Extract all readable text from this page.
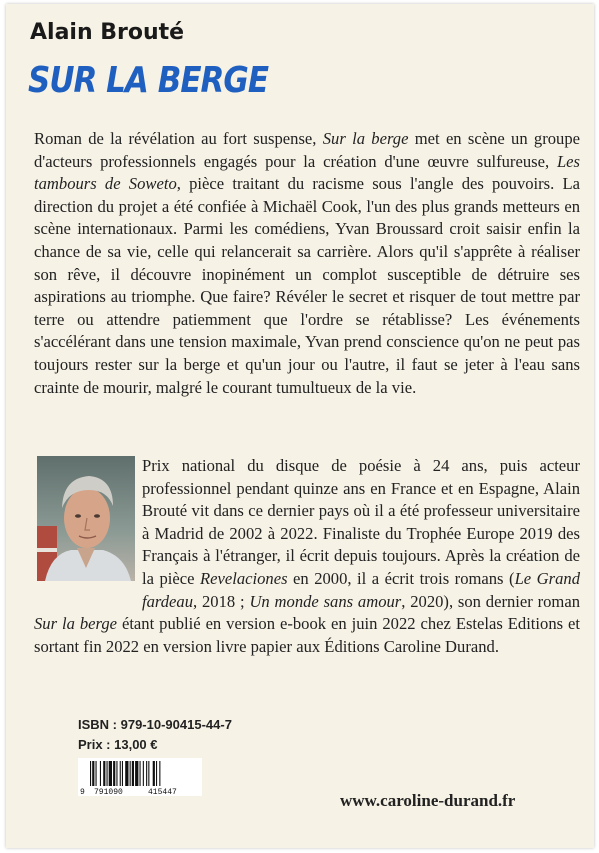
Alain Brouté
SUR LA BERGE

Roman de la révélation au fort suspense, Sur la berge met en scène un groupe d'acteurs professionnels engagés pour la création d'une œuvre sulfureuse, Les tambours de Soweto, pièce traitant du racisme sous l'angle des pouvoirs. La direction du projet a été confiée à Michaël Cook, l'un des plus grands metteurs en scène internationaux. Parmi les comédiens, Yvan Broussard croit saisir enfin la chance de sa vie, celle qui relancerait sa carrière. Alors qu'il s'apprête à réaliser son rêve, il découvre inopinément un complot susceptible de détruire ses aspirations au triomphe. Que faire? Révéler le secret et risquer de tout mettre par terre ou attendre patiemment que l'ordre se rétablisse? Les événements s'accélérant dans une tension maximale, Yvan prend conscience qu'on ne peut pas toujours rester sur la berge et qu'un jour ou l'autre, il faut se jeter à l'eau sans crainte de mourir, malgré le courant tumultueux de la vie.

Prix national du disque de poésie à 24 ans, puis acteur professionnel pendant quinze ans en France et en Espagne, Alain Brouté vit dans ce dernier pays où il a été professeur universitaire à Madrid de 2002 à 2022. Finaliste du Trophée Europe 2019 des Français à l'étranger, il écrit depuis toujours. Après la création de la pièce Revelaciones en 2000, il a écrit trois romans (Le Grand fardeau, 2018 ; Un monde sans amour, 2020), son dernier roman Sur la berge étant publié en version e-book en juin 2022 chez Estelas Editions et sortant fin 2022 en version livre papier aux Éditions Caroline Durand.

ISBN : 979-10-90415-44-7
Prix : 13,00 €
9 791090	415447	www.caroline-durand.fr
